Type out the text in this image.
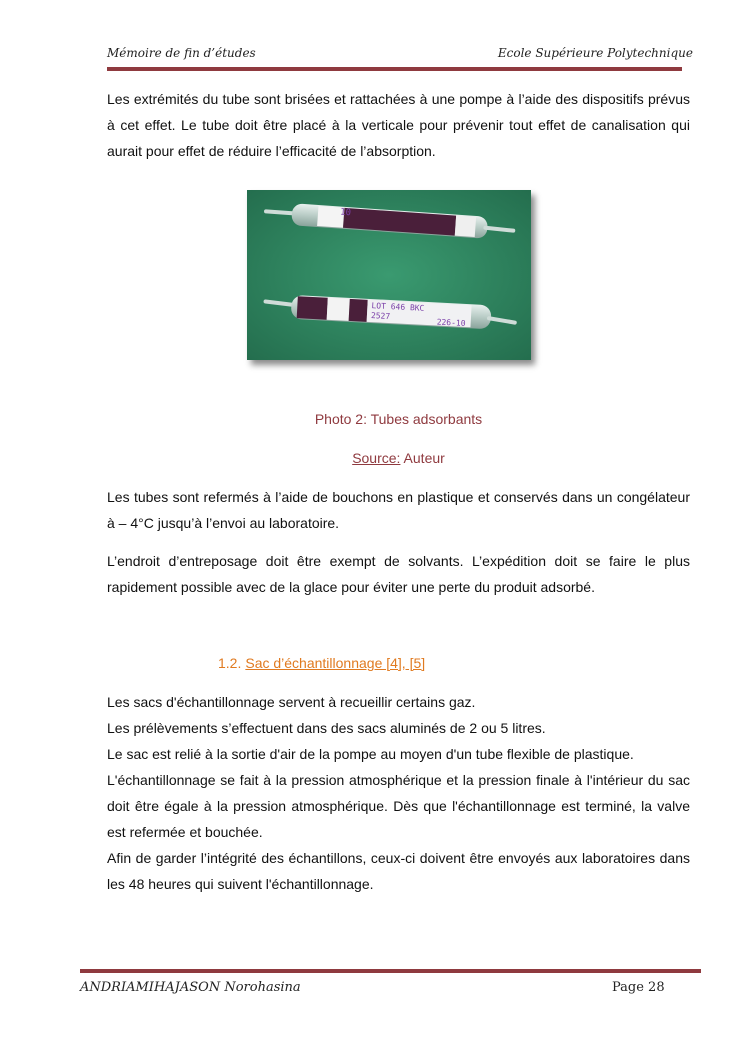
Mémoire de fin d’études	Ecole Supérieure Polytechnique

Les extrémités du tube sont brisées et rattachées à une pompe à l’aide des dispositifs prévus à cet effet. Le tube doit être placé à la verticale pour prévenir tout effet de canalisation qui aurait pour effet de réduire l’efficacité de l’absorption.

10
LOT 646 BKC
2527
226-10
Photo 2: Tubes adsorbants
Source: Auteur

Les tubes sont refermés à l’aide de bouchons en plastique et conservés dans un congélateur à – 4°C jusqu’à l’envoi au laboratoire.

L’endroit d’entreposage doit être exempt de solvants. L’expédition doit se faire le plus rapidement possible avec de la glace pour éviter une perte du produit adsorbé.

1.2. Sac d’échantillonnage [4], [5]

Les sacs d'échantillonnage servent à recueillir certains gaz.

Les prélèvements s’effectuent dans des sacs aluminés de 2 ou 5 litres.

Le sac est relié à la sortie d'air de la pompe au moyen d'un tube flexible de plastique.

L'échantillonnage se fait à la pression atmosphérique et la pression finale à l'intérieur du sac doit être égale à la pression atmosphérique. Dès que l'échantillonnage est terminé, la valve est refermée et bouchée.

Afin de garder l’intégrité des échantillons, ceux-ci doivent être envoyés aux laboratoires dans les 48 heures qui suivent l'échantillonnage.

ANDRIAMIHAJASON Norohasina	Page 28
